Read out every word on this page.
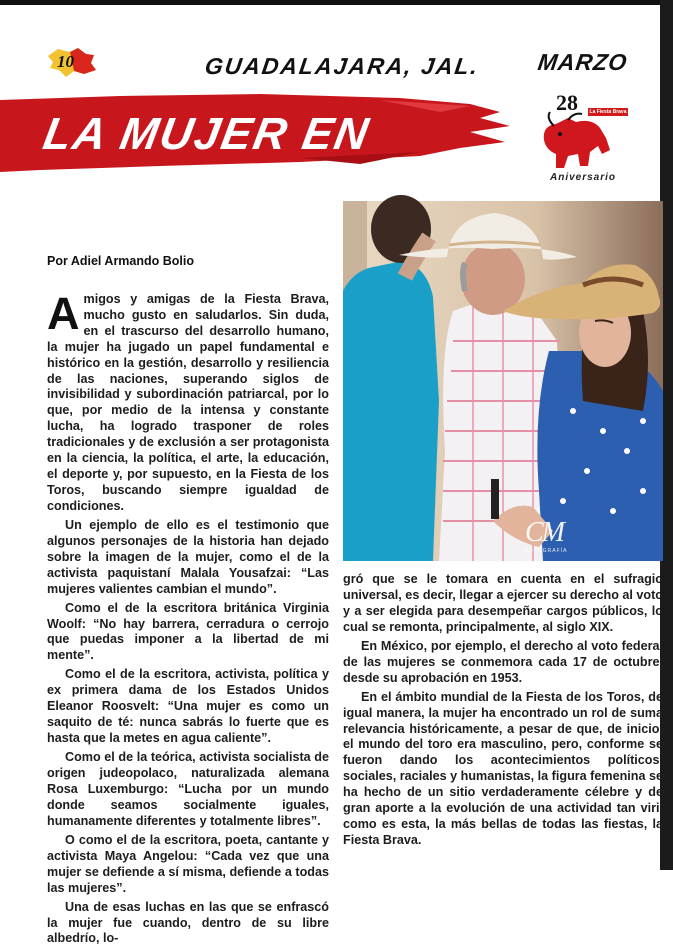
10	GUADALAJARA, JAL. MARZO
LA MUJER EN
28	La Fiesta Brava
Aniversario
Por Adiel Armando Bolio
CM
FOTOGRAFÍA

Amigos y amigas de la Fiesta Brava, mucho gusto en saludarlos. Sin duda, en el trascurso del desarrollo humano, la mujer ha jugado un papel fundamental e histórico en la gestión, desarrollo y resiliencia de las naciones, superando siglos de invisibilidad y subordinación patriarcal, por lo que, por medio de la intensa y constante lucha, ha logrado trasponer de roles tradicionales y de exclusión a ser protagonista en la ciencia, la política, el arte, la educación, el deporte y, por supuesto, en la Fiesta de los Toros, buscando siempre igualdad de condiciones.

Un ejemplo de ello es el testimonio que algunos personajes de la historia han dejado sobre la imagen de la mujer, como el de la activista paquistaní Malala Yousafzai: “Las mujeres valientes cambian el mundo”.

Como el de la escritora británica Virginia Woolf: “No hay barrera, cerradura o cerrojo que puedas imponer a la libertad de mi mente”.

Como el de la escritora, activista, política y ex primera dama de los Estados Unidos Eleanor Roosvelt: “Una mujer es como un saquito de té: nunca sabrás lo fuerte que es hasta que la metes en agua caliente”.

Como el de la teórica, activista socialista de origen judeopolaco, naturalizada alemana Rosa Luxemburgo: “Lucha por un mundo donde seamos socialmente iguales, humanamente diferentes y totalmente libres”.

O como el de la escritora, poeta, cantante y activista Maya Angelou: “Cada vez que una mujer se defiende a sí misma, defiende a todas las mujeres”.

Una de esas luchas en las que se enfrascó la mujer fue cuando, dentro de su libre albedrío, lo-

gró que se le tomara en cuenta en el sufragio universal, es decir, llegar a ejercer su derecho al voto y a ser elegida para desempeñar cargos públicos, lo cual se remonta, principalmente, al siglo XIX.

En México, por ejemplo, el derecho al voto federal de las mujeres se conmemora cada 17 de octubre, desde su aprobación en 1953.

En el ámbito mundial de la Fiesta de los Toros, de igual manera, la mujer ha encontrado un rol de suma relevancia históricamente, a pesar de que, de inicio, el mundo del toro era masculino, pero, conforme se fueron dando los acontecimientos políticos, sociales, raciales y humanistas, la figura femenina se ha hecho de un sitio verdaderamente célebre y de gran aporte a la evolución de una actividad tan viril como es esta, la más bellas de todas las fiestas, la Fiesta Brava.
